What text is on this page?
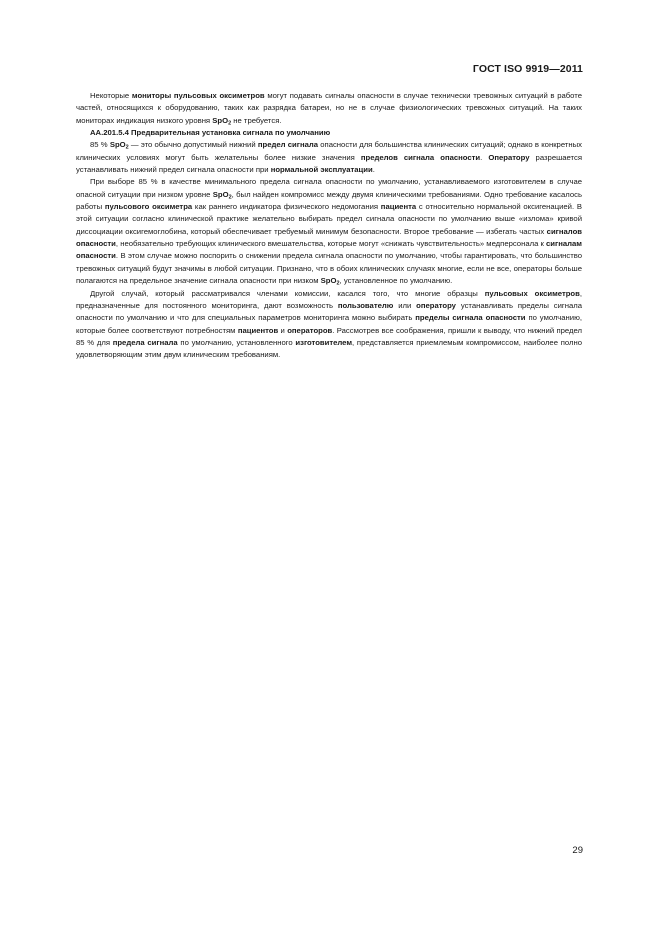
ГОСТ ISO 9919—2011

Некоторые мониторы пульсовых оксиметров могут подавать сигналы опасности в случае технически тревожных ситуаций в работе частей, относящихся к оборудованию, таких как разрядка батареи, но не в случае физиологических тревожных ситуаций. На таких мониторах индикация низкого уровня SpO$_2$ не требуется.

АА.201.5.4 Предварительная установка сигнала по умолчанию

85 % SpO$_2$ — это обычно допустимый нижний предел сигнала опасности для большинства клинических ситуаций; однако в конкретных клинических условиях могут быть желательны более низкие значения пределов сигнала опасности. Оператору разрешается устанавливать нижний предел сигнала опасности при нормальной эксплуатации.

При выборе 85 % в качестве минимального предела сигнала опасности по умолчанию, устанавливаемого изготовителем в случае опасной ситуации при низком уровне SpO$_2$, был найден компромисс между двумя клиническими требованиями. Одно требование касалось работы пульсового оксиметра как раннего индикатора физического недомогания пациента с относительно нормальной оксигенацией. В этой ситуации согласно клинической практике желательно выбирать предел сигнала опасности по умолчанию выше «излома» кривой диссоциации оксигемоглобина, который обеспечивает требуемый минимум безопасности. Второе требование — избегать частых сигналов опасности, необязательно требующих клинического вмешательства, которые могут «снижать чувствительность» медперсонала к сигналам опасности. В этом случае можно поспорить о снижении предела сигнала опасности по умолчанию, чтобы гарантировать, что большинство тревожных ситуаций будут значимы в любой ситуации. Признано, что в обоих клинических случаях многие, если не все, операторы больше полагаются на предельное значение сигнала опасности при низком SpO$_2$, установленное по умолчанию.

Другой случай, который рассматривался членами комиссии, касался того, что многие образцы пульсовых оксиметров, предназначенные для постоянного мониторинга, дают возможность пользователю или оператору устанавливать пределы сигнала опасности по умолчанию и что для специальных параметров мониторинга можно выбирать пределы сигнала опасности по умолчанию, которые более соответствуют потребностям пациентов и операторов. Рассмотрев все соображения, пришли к выводу, что нижний предел 85 % для предела сигнала по умолчанию, установленного изготовителем, представляется приемлемым компромиссом, наиболее полно удовлетворяющим этим двум клиническим требованиям.

29
